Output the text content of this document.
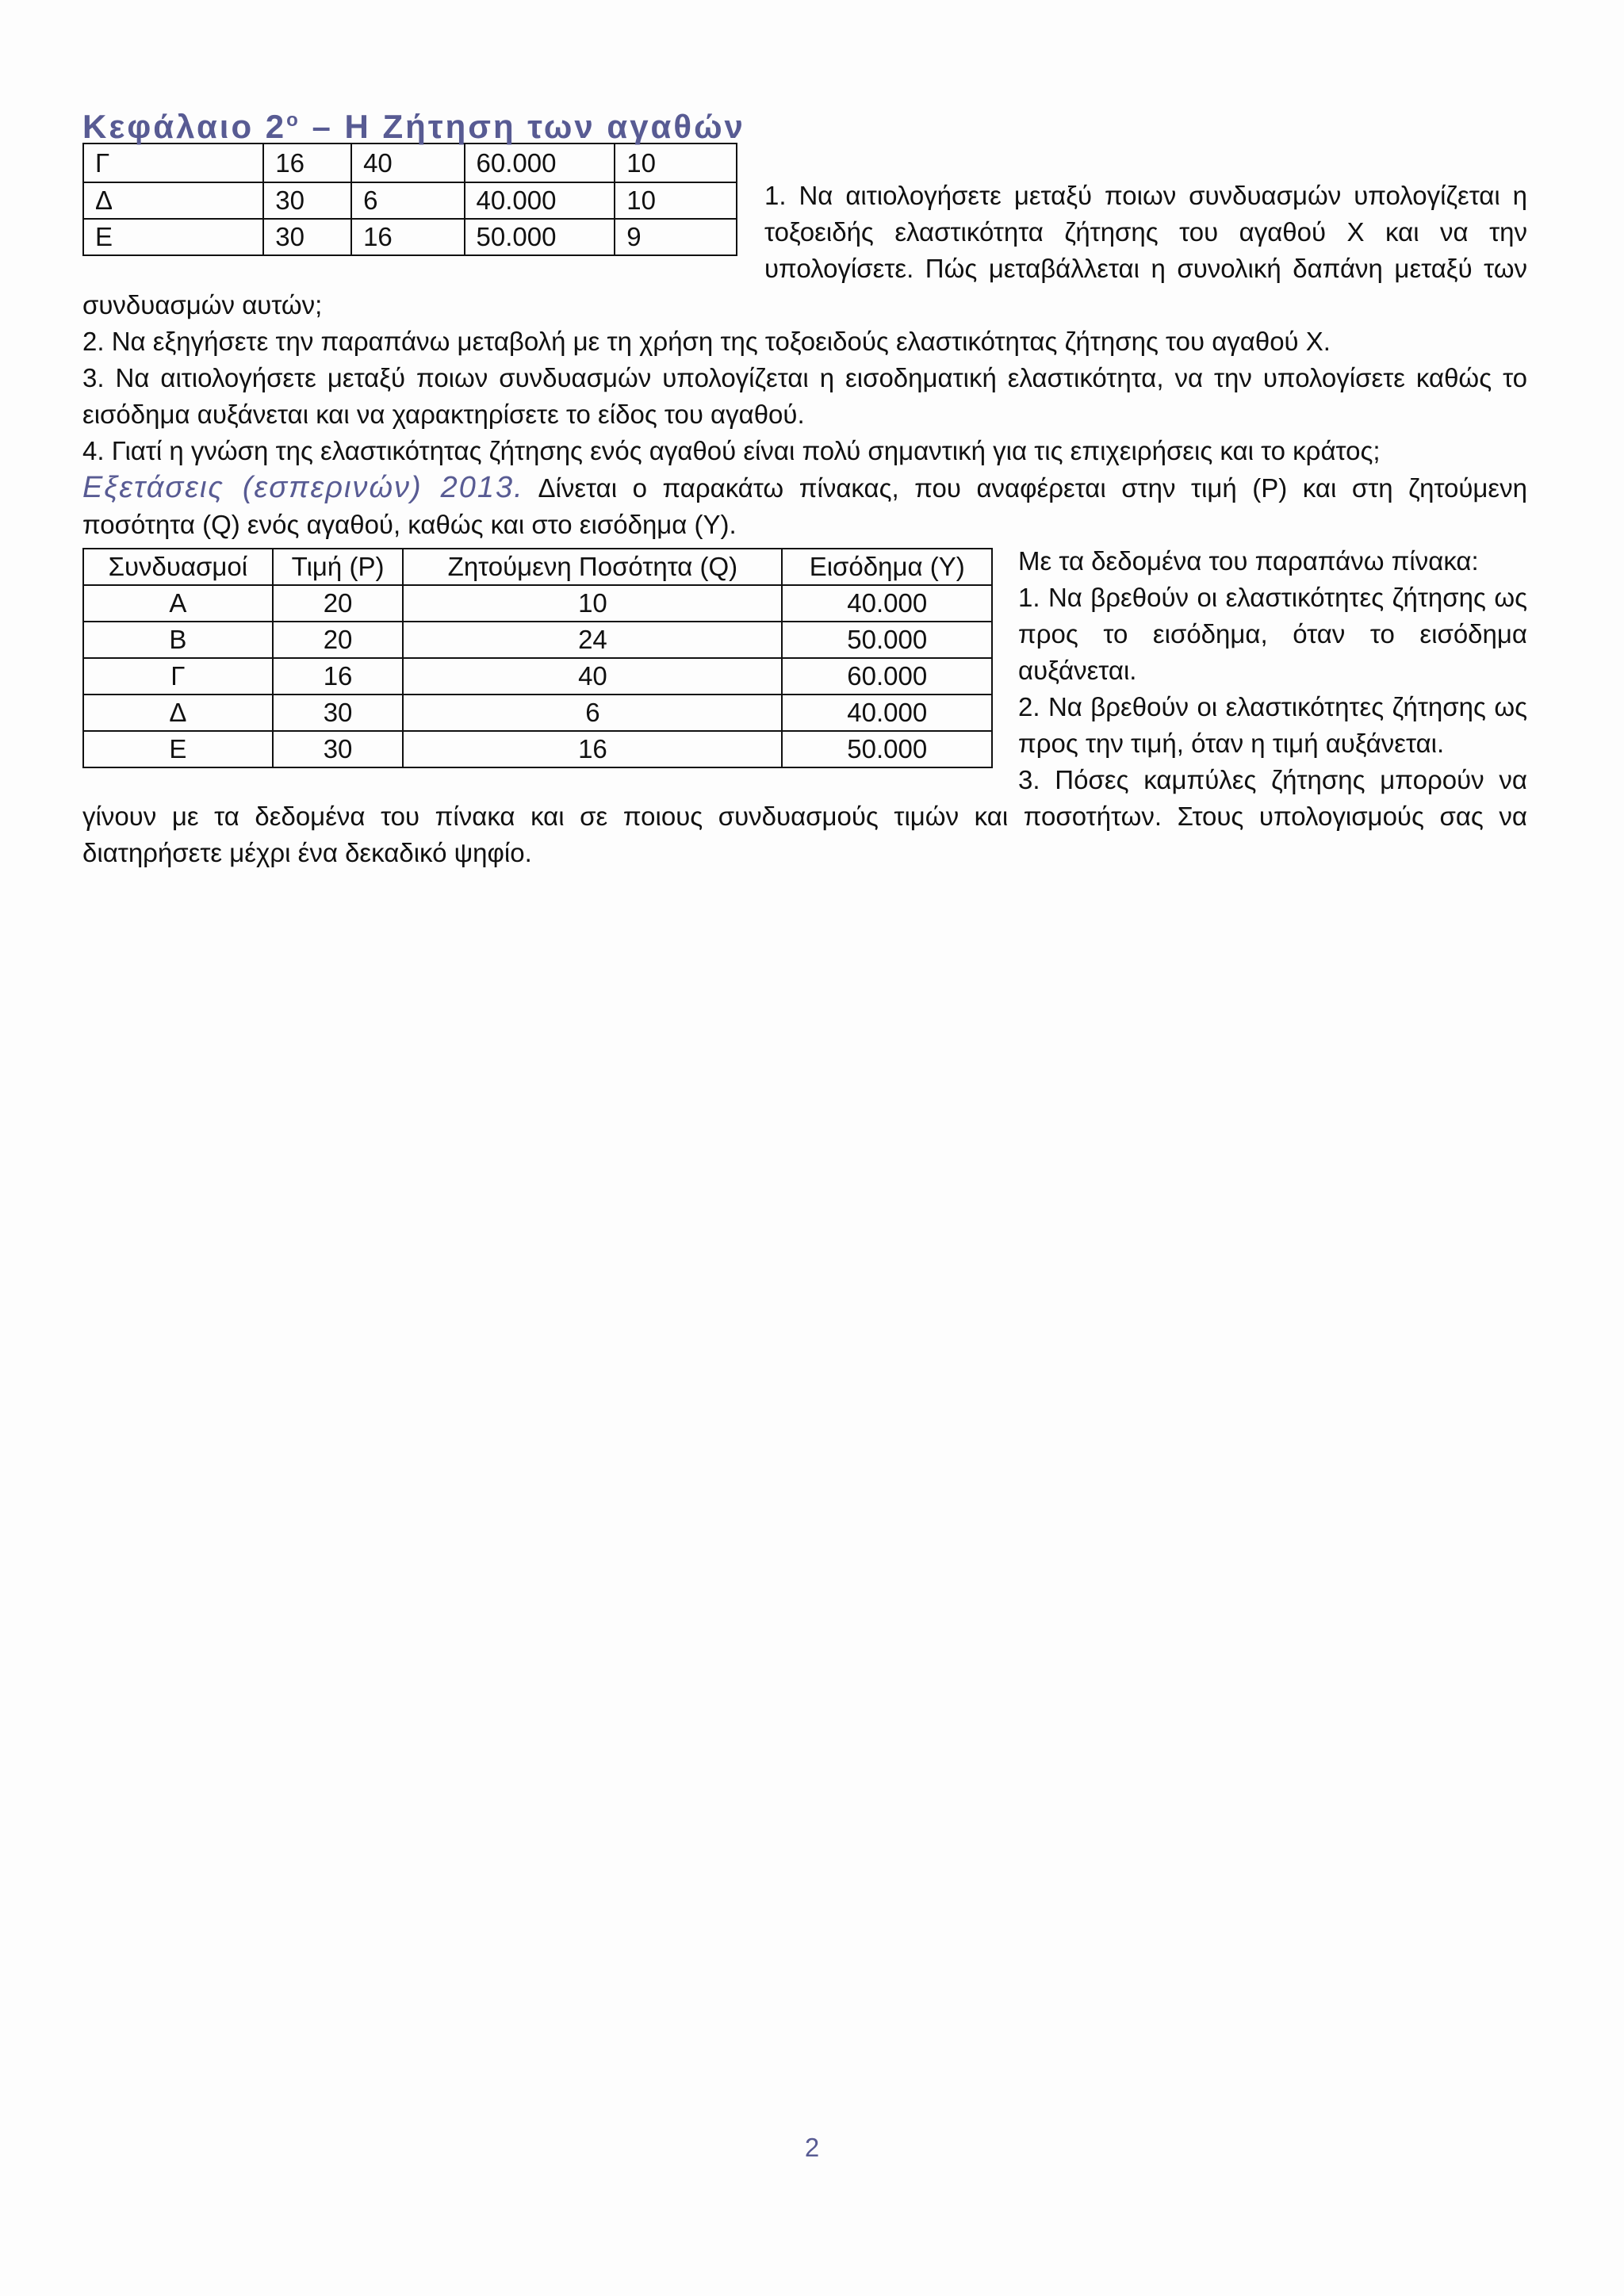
Κεφάλαιο $2^o$ – Η Ζήτηση των αγαθών
Γ	16	40	60.000	10
Δ	30	6	40.000	10
Ε	30	16	50.000	9

1. Να αιτιολογήσετε μεταξύ ποιων συνδυασμών υπολογίζεται η τοξοειδής ελαστικότητα ζήτησης του αγαθού Χ και να την υπολογίσετε. Πώς μεταβάλλεται η συνολική δαπάνη μεταξύ των συνδυασμών αυτών;

2. Να εξηγήσετε την παραπάνω μεταβολή με τη χρήση της τοξοειδούς ελαστικότητας ζήτησης του αγαθού Χ.

3. Να αιτιολογήσετε μεταξύ ποιων συνδυασμών υπολογίζεται η εισοδηματική ελαστικότητα, να την υπολογίσετε καθώς το εισόδημα αυξάνεται και να χαρακτηρίσετε το είδος του αγαθού.

4. Γιατί η γνώση της ελαστικότητας ζήτησης ενός αγαθού είναι πολύ σημαντική για τις επιχειρήσεις και το κράτος;

Εξετάσεις (εσπερινών) 2013. Δίνεται ο παρακάτω πίνακας, που αναφέρεται στην τιμή (P) και στη ζητούμενη ποσότητα (Q) ενός αγαθού, καθώς και στο εισόδημα (Y).

Συνδυασμοί	Τιμή (P)	Ζητούμενη Ποσότητα (Q)	Εισόδημα (Y)
Α	20	10	40.000
Β	20	24	50.000
Γ	16	40	60.000
Δ	30	6	40.000
Ε	30	16	50.000

Με τα δεδομένα του παραπάνω πίνακα:

1. Να βρεθούν οι ελαστικότητες ζήτησης ως προς το εισόδημα, όταν το εισόδημα αυξάνεται.

2. Να βρεθούν οι ελαστικότητες ζήτησης ως προς την τιμή, όταν η τιμή αυξάνεται.

3. Πόσες καμπύλες ζήτησης μπορούν να γίνουν με τα δεδομένα του πίνακα και σε ποιους συνδυασμούς τιμών και ποσοτήτων. Στους υπολογισμούς σας να διατηρήσετε μέχρι ένα δεκαδικό ψηφίο.

2
